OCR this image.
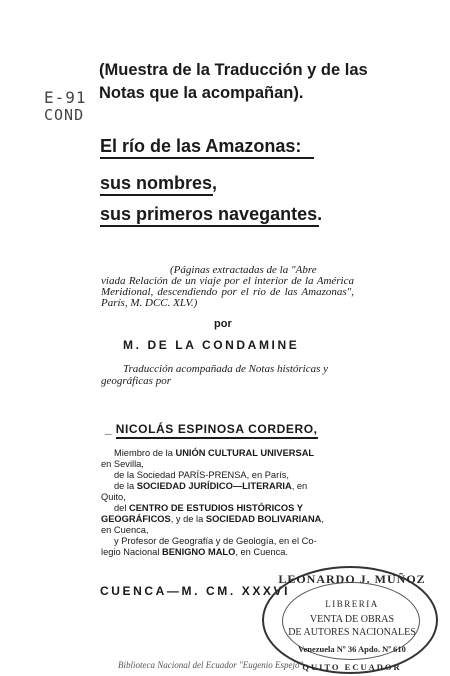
E-91
COND
(Muestra de la Traducción y de las Notas que la acompañan).
El río de las Amazonas:
sus nombres,
sus primeros navegantes.
(Páginas extractadas de la "Abre
viada Relación de un viaje por el interior de la América Meridional, descendiendo por el río de las Amazonas", París, M. DCC. XLV.)
por
M. DE LA CONDAMINE
Traducción acompañada de Notas históricas y geográficas por
_ NICOLÁS ESPINOSA CORDERO,
Miembro de la UNIÓN CULTURAL UNIVERSAL
en Sevilla,
de la Sociedad PARÍS-PRENSA, en París,
de la SOCIEDAD JURÍDICO—LITERARIA, en
Quito,
del CENTRO DE ESTUDIOS HISTÓRICOS Y
GEOGRÁFICOS, y de la SOCIEDAD BOLIVARIANA,
en Cuenca,
y Profesor de Geografía y de Geología, en el Co-
legio Nacional BENIGNO MALO, en Cuenca.
CUENCA—M. CM. XXXVI
LEONARDO J. MUÑOZ
LIBRERIA
VENTA DE OBRAS
DE AUTORES NACIONALES
Venezuela Nº 36 Apdo. Nº 610
QUITO ECUADOR
Biblioteca Nacional del Ecuador "Eugenio Espejo"
